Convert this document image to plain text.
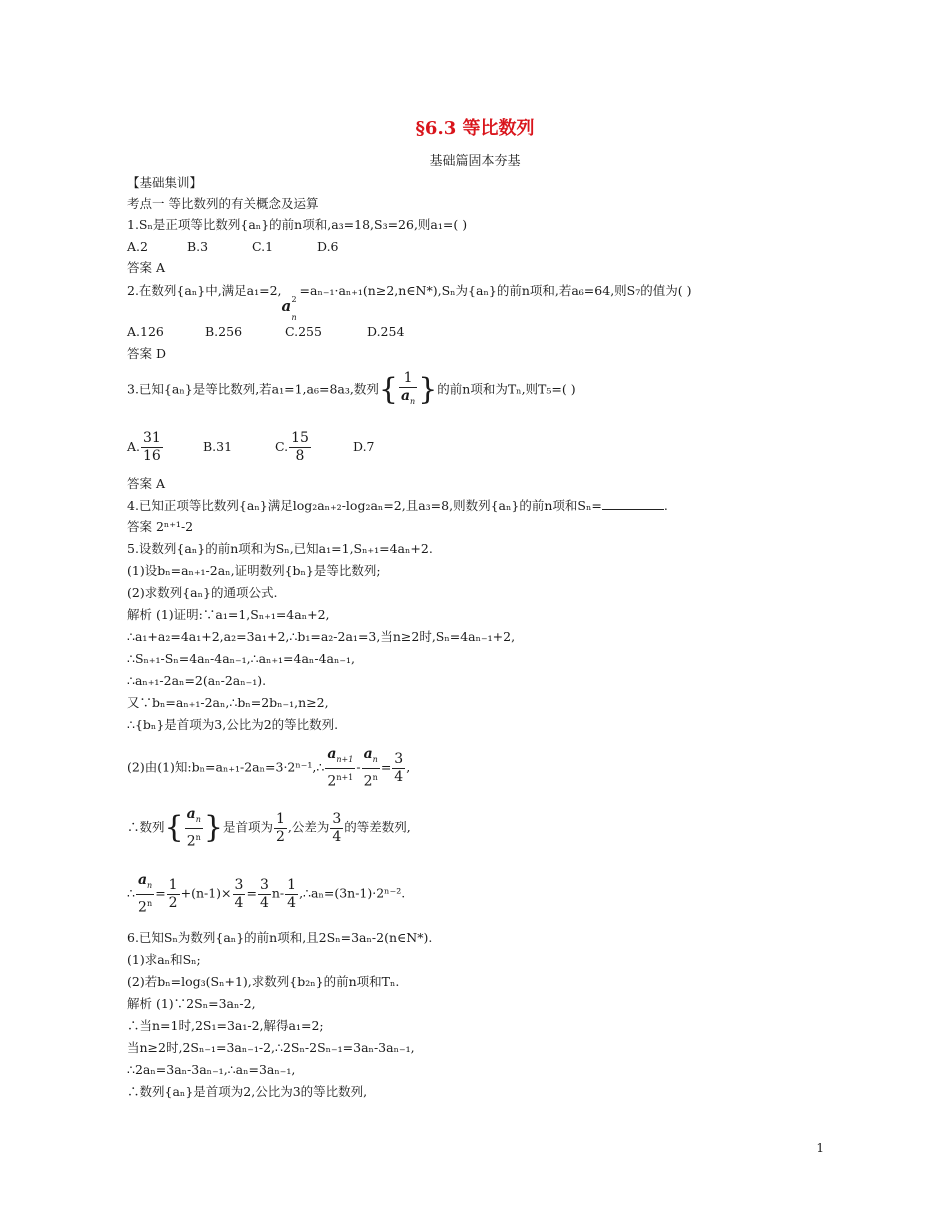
§6.3 等比数列
基础篇固本夯基
【基础集训】
考点一 等比数列的有关概念及运算
1.Sₙ是正项等比数列{aₙ}的前n项和,a₃=18,S₃=26,则a₁=( )
A.2	B.3	C.1	D.6
答案 A
2.在数列{aₙ}中,满足a₁=2,
a
n
2
=aₙ₋₁·aₙ₊₁(n≥2,n∈N*),Sₙ为{aₙ}的前n项和,若a₆=64,则S₇的值为( )
A.126	B.256	C.255	D.254
答案 D
3.已知{aₙ}是等比数列,若a₁=1,a₆=8a₃,数列{ $\frac{1}{a_n}$ }的前n项和为Tₙ,则T₅=( )
A. $\frac{31}{16}$	B.31	C. $\frac{15}{8}$	D.7
答案 A
4.已知正项等比数列{aₙ}满足log₂aₙ₊₂-log₂aₙ=2,且a₃=8,则数列{aₙ}的前n项和Sₙ=	.
答案 2ⁿ⁺¹-2
5.设数列{aₙ}的前n项和为Sₙ,已知a₁=1,Sₙ₊₁=4aₙ+2.
(1)设bₙ=aₙ₊₁-2aₙ,证明数列{bₙ}是等比数列;
(2)求数列{aₙ}的通项公式.
解析 (1)证明:∵a₁=1,Sₙ₊₁=4aₙ+2,
∴a₁+a₂=4a₁+2,a₂=3a₁+2,∴b₁=a₂-2a₁=3,当n≥2时,Sₙ=4aₙ₋₁+2,
∴Sₙ₊₁-Sₙ=4aₙ-4aₙ₋₁,∴aₙ₊₁=4aₙ-4aₙ₋₁,
∴aₙ₊₁-2aₙ=2(aₙ-2aₙ₋₁).
又∵bₙ=aₙ₊₁-2aₙ,∴bₙ=2bₙ₋₁,n≥2,
∴{bₙ}是首项为3,公比为2的等比数列.
(2)由(1)知:bₙ=aₙ₊₁-2aₙ=3·2ⁿ⁻¹,∴ $\frac{a_{n+1}}{2^{n+1}} - \frac{a_n}{2^n} = \frac{3}{4}$ ,
∴数列{ $\frac{a_n}{2^n}$ }是首项为 $\frac{1}{2}$ ,公差为 $\frac{3}{4}$ 的等差数列,
∴ $\frac{a_n}{2^n} = \frac{1}{2} +(n-1)\times \frac{3}{4} = \frac{3}{4} n- \frac{1}{4}$ ,∴aₙ=(3n-1)·2ⁿ⁻².
6.已知Sₙ为数列{aₙ}的前n项和,且2Sₙ=3aₙ-2(n∈N*).
(1)求aₙ和Sₙ;
(2)若bₙ=log₃(Sₙ+1),求数列{b₂ₙ}的前n项和Tₙ.
解析 (1)∵2Sₙ=3aₙ-2,
∴当n=1时,2S₁=3a₁-2,解得a₁=2;
当n≥2时,2Sₙ₋₁=3aₙ₋₁-2,∴2Sₙ-2Sₙ₋₁=3aₙ-3aₙ₋₁,
∴2aₙ=3aₙ-3aₙ₋₁,∴aₙ=3aₙ₋₁,
∴数列{aₙ}是首项为2,公比为3的等比数列,
1
